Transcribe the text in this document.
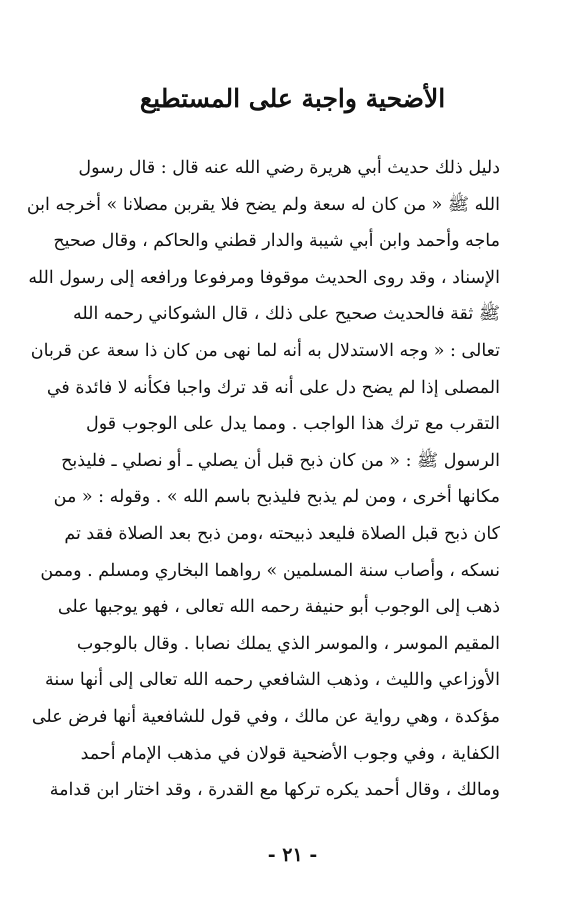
الأضحية واجبة على المستطيع
دليل ذلك حديث أبي هريرة رضي الله عنه قال : قال رسول
الله ﷺ « من كان له سعة ولم يضح فلا يقربن مصلانا » أخرجه ابن
ماجه وأحمد وابن أبي شيبة والدار قطني والحاكم ، وقال صحيح
الإسناد ، وقد روى الحديث موقوفا ومرفوعا ورافعه إلى رسول الله
ﷺ ثقة فالحديث صحيح على ذلك ، قال الشوكاني رحمه الله
تعالى : « وجه الاستدلال به أنه لما نهى من كان ذا سعة عن قربان
المصلى إذا لم يضح دل على أنه قد ترك واجبا فكأنه لا فائدة في
التقرب مع ترك هذا الواجب . ومما يدل على الوجوب قول
الرسول ﷺ : « من كان ذبح قبل أن يصلي ـ أو نصلي ـ فليذبح
مكانها أخرى ، ومن لم يذبح فليذبح باسم الله » . وقوله : « من
كان ذبح قبل الصلاة فليعد ذبيحته ،ومن ذبح بعد الصلاة فقد تم
نسكه ، وأصاب سنة المسلمين » رواهما البخاري ومسلم . وممن
ذهب إلى الوجوب أبو حنيفة رحمه الله تعالى ، فهو يوجبها على
المقيم الموسر ، والموسر الذي يملك نصابا . وقال بالوجوب
الأوزاعي والليث ، وذهب الشافعي رحمه الله تعالى إلى أنها سنة
مؤكدة ، وهي رواية عن مالك ، وفي قول للشافعية أنها فرض على
الكفاية ، وفي وجوب الأضحية قولان في مذهب الإمام أحمد
ومالك ، وقال أحمد يكره تركها مع القدرة ، وقد اختار ابن قدامة
- ٢١ -
